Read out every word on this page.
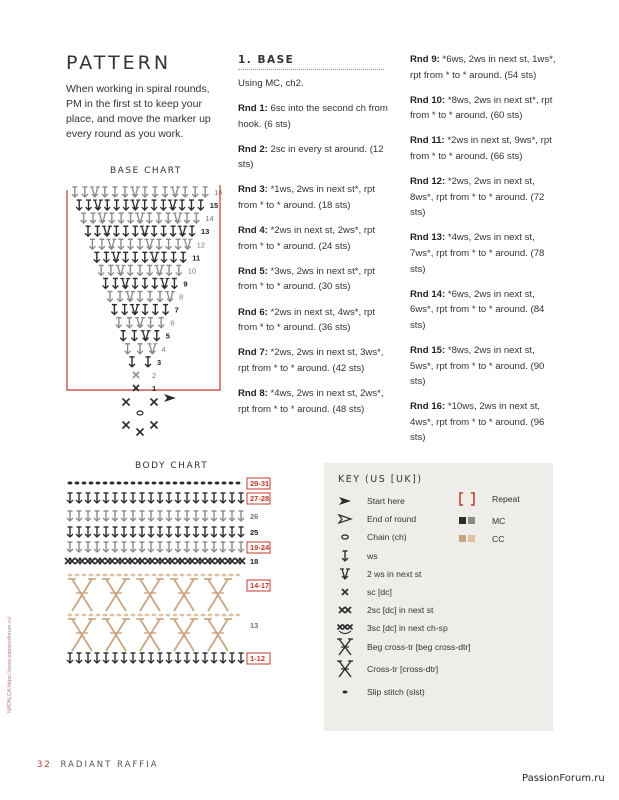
PATTERN

When working in spiral rounds, PM in the first st to keep your place, and move the marker up every round as you work.

BASE CHART
16
15
14
13
12
11
10
9
8
7
6
5
4
3
2
1
BODY CHART
29-31
27-28
26
25
19-24
18
14-17
13
1-12
1. BASE
Using MC, ch2.
Rnd 1: 6sc into the second ch from hook. (6 sts)
Rnd 2: 2sc in every st around. (12 sts)
Rnd 3: *1ws, 2ws in next st*, rpt from * to * around. (18 sts)
Rnd 4: *2ws in next st, 2ws*, rpt from * to * around. (24 sts)
Rnd 5: *3ws, 2ws in next st*, rpt from * to * around. (30 sts)
Rnd 6: *2ws in next st, 4ws*, rpt from * to * around. (36 sts)
Rnd 7: *2ws, 2ws in next st, 3ws*, rpt from * to * around. (42 sts)
Rnd 8: *4ws, 2ws in next st, 2ws*, rpt from * to * around. (48 sts)
Rnd 9: *6ws, 2ws in next st, 1ws*, rpt from * to * around. (54 sts)
Rnd 10: *8ws, 2ws in next st*, rpt from * to * around. (60 sts)
Rnd 11: *2ws in next st, 9ws*, rpt from * to * around. (66 sts)
Rnd 12: *2ws, 2ws in next st, 8ws*, rpt from * to * around. (72 sts)
Rnd 13: *4ws, 2ws in next st, 7ws*, rpt from * to * around. (78 sts)
Rnd 14: *6ws, 2ws in next st, 6ws*, rpt from * to * around. (84 sts)
Rnd 15: *8ws, 2ws in next st, 5ws*, rpt from * to * around. (90 sts)
Rnd 16: *10ws, 2ws in next st, 4ws*, rpt from * to * around. (96 sts)
KEY (US [UK])
Start here
End of round
Chain (ch)
ws
2 ws in next st
sc [dc]
2sc [dc] in next st
3sc [dc] in next ch-sp
Beg cross-tr [beg cross-dtr]
Cross-tr [cross-dtr]
Slip stitch (slst)
Repeat
MC
CC
32 RADIANT RAFFIA
PassionForum.ru
NATALCA https://www.passionforum.ru/
